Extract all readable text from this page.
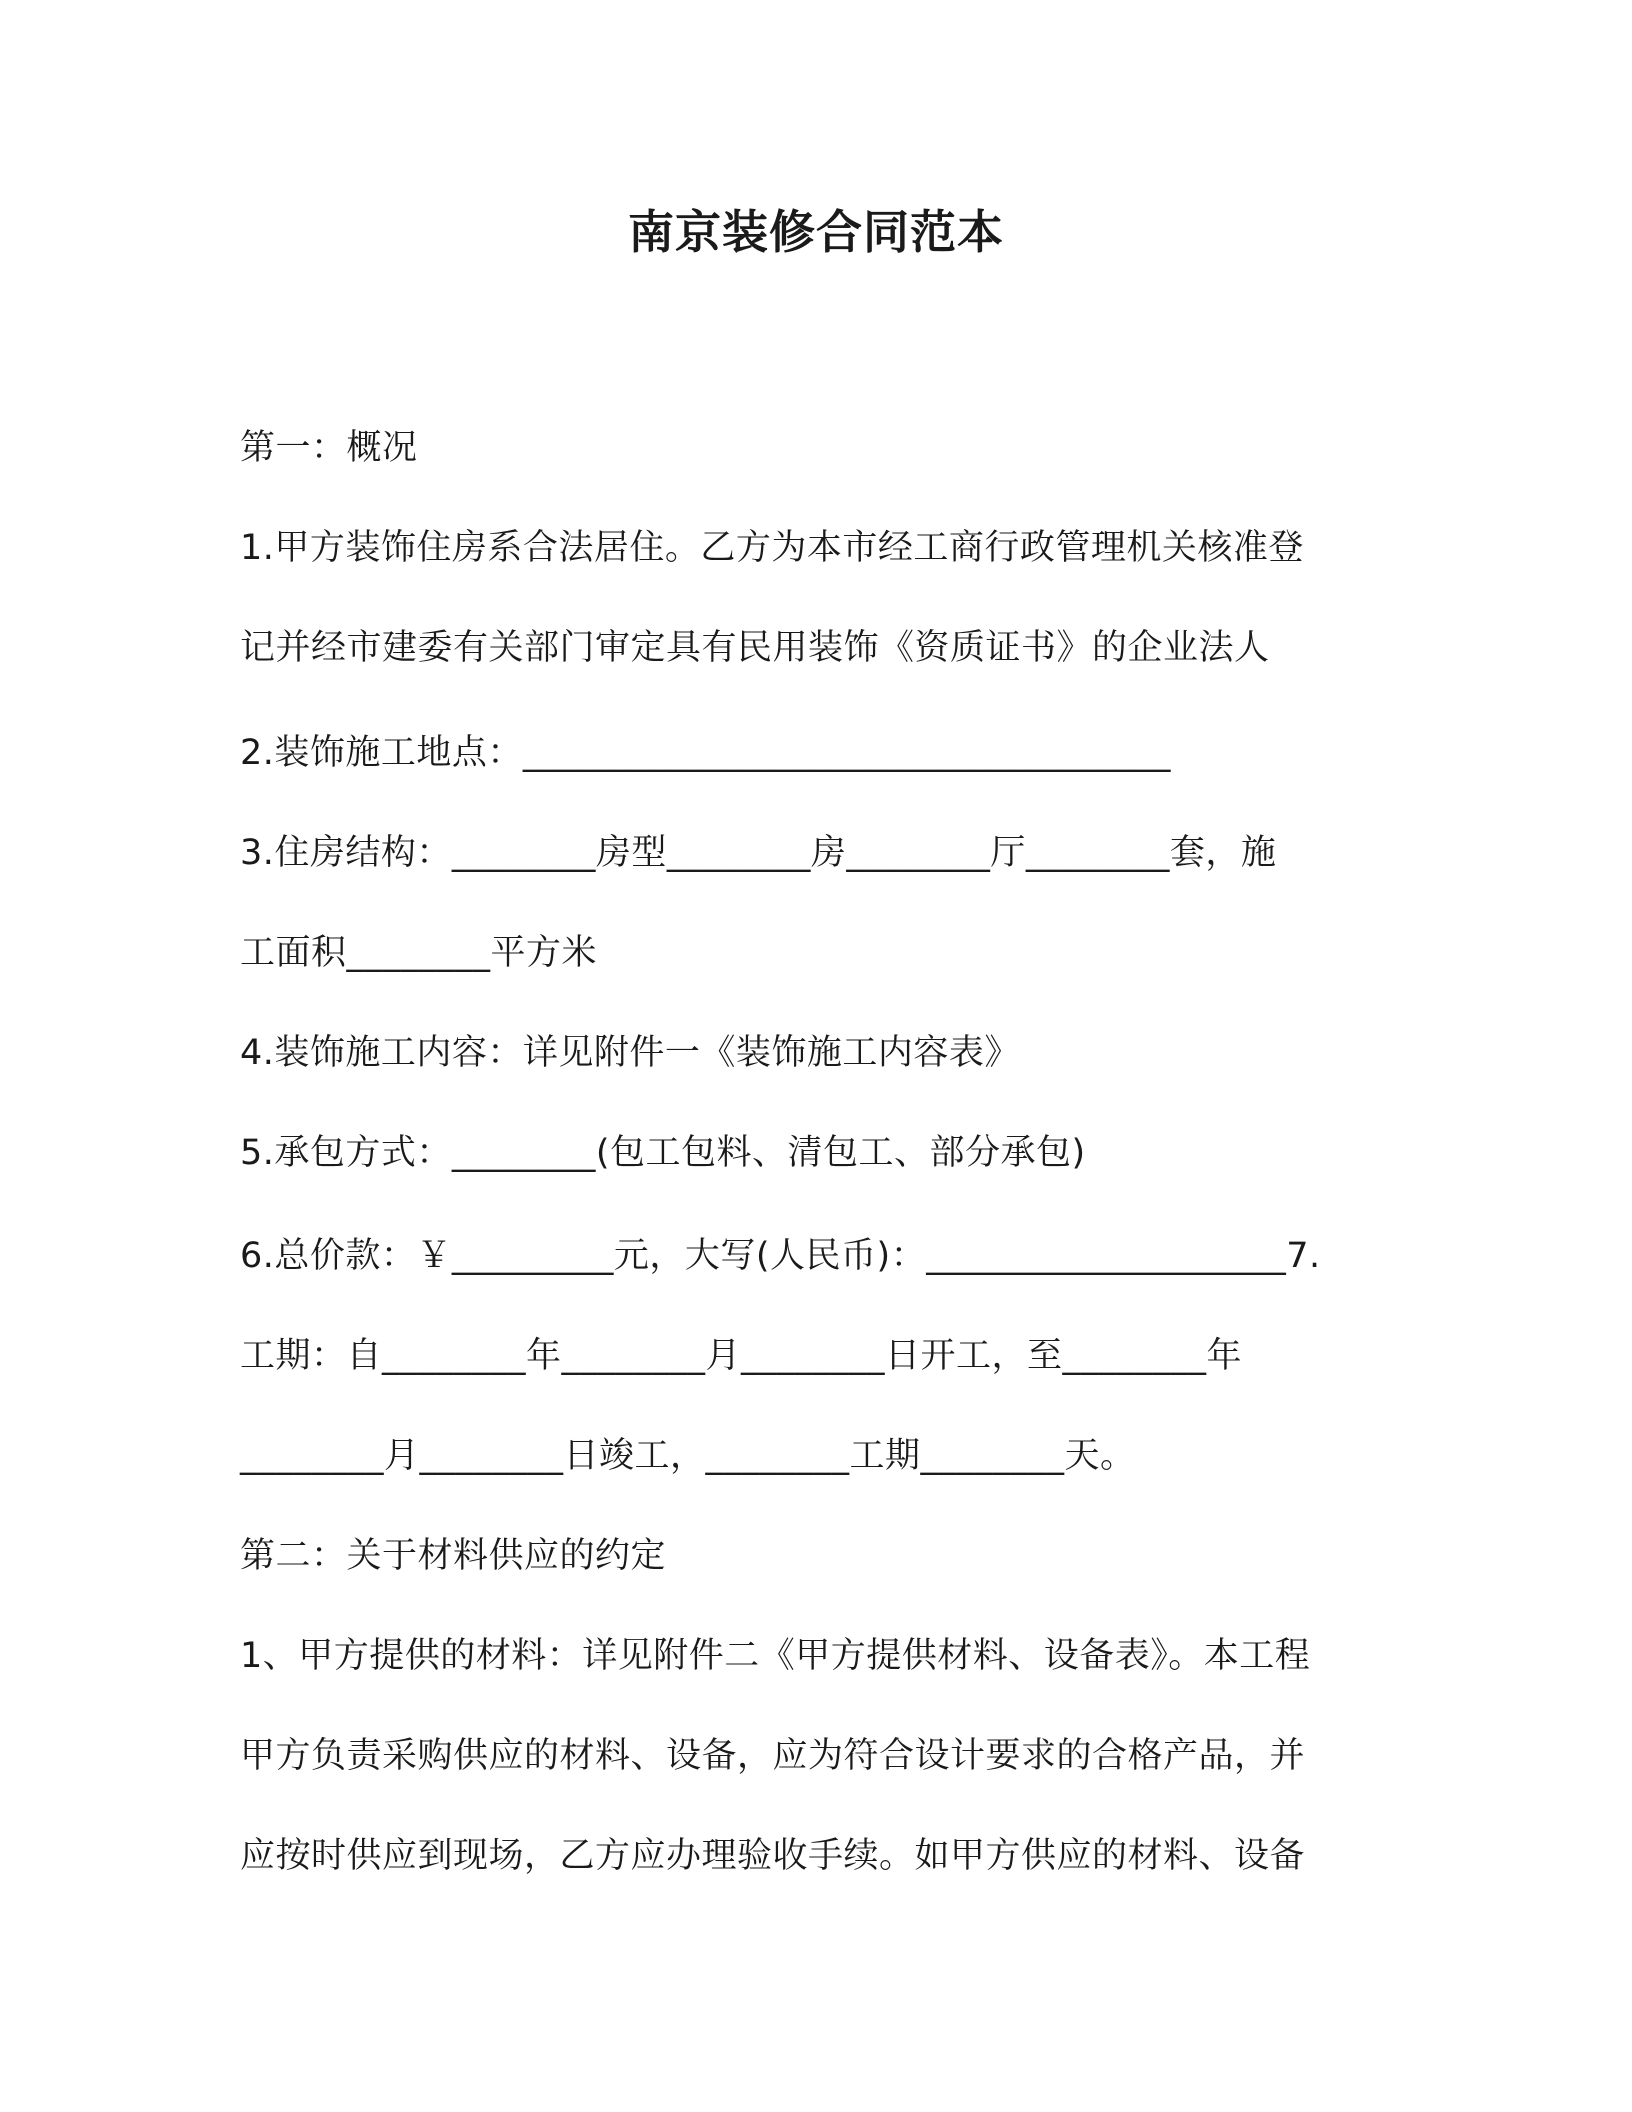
南京装修合同范本
第一：概况
1.甲方装饰住房系合法居住。乙方为本市经工商行政管理机关核准登
记并经市建委有关部门审定具有民用装饰《资质证书》的企业法人
2.装饰施工地点：____________________________________
3.住房结构：________房型________房________厅________套，施
工面积________平方米
4.装饰施工内容：详见附件一《装饰施工内容表》
5.承包方式：________(包工包料、清包工、部分承包)
6.总价款：￥_________元，大写(人民币)：____________________7.
工期：自________年________月________日开工，至________年
________月________日竣工，________工期________天。
第二：关于材料供应的约定
1、甲方提供的材料：详见附件二《甲方提供材料、设备表》。本工程
甲方负责采购供应的材料、设备，应为符合设计要求的合格产品，并
应按时供应到现场，乙方应办理验收手续。如甲方供应的材料、设备
